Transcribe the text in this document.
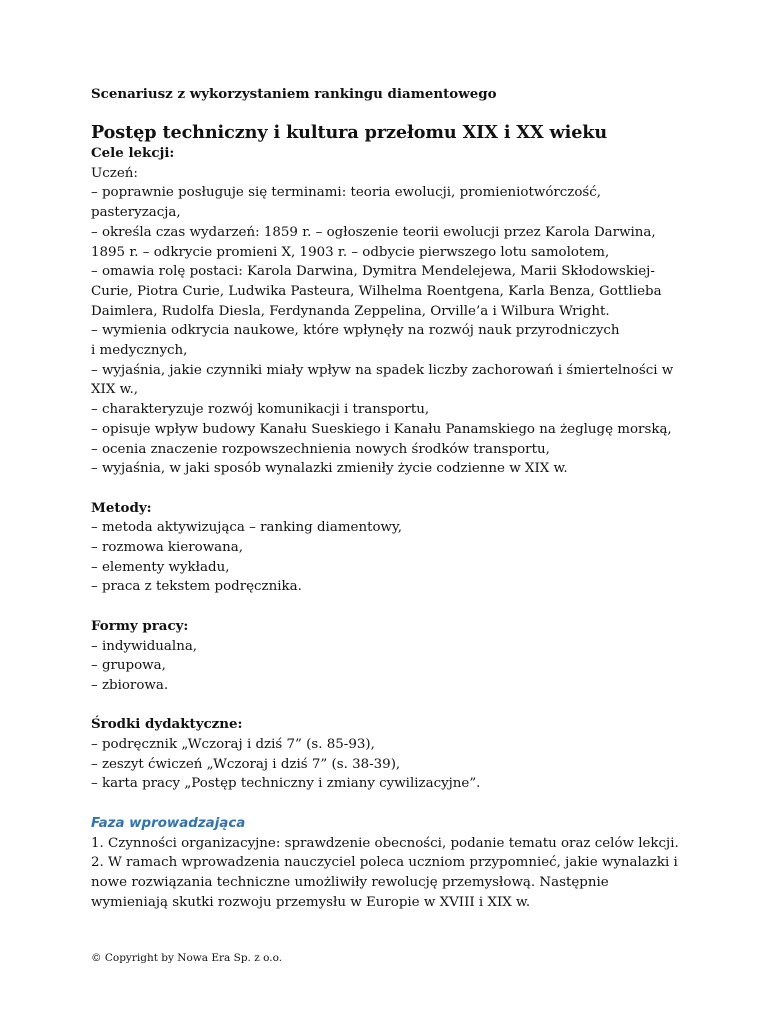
Scenariusz z wykorzystaniem rankingu diamentowego

Postęp techniczny i kultura przełomu XIX i XX wieku

Cele lekcji:

Uczeń:

– poprawnie posługuje się terminami: teoria ewolucji, promieniotwórczość,

pasteryzacja,

– określa czas wydarzeń: 1859 r. – ogłoszenie teorii ewolucji przez Karola Darwina,

1895 r. – odkrycie promieni X, 1903 r. – odbycie pierwszego lotu samolotem,

– omawia rolę postaci: Karola Darwina, Dymitra Mendelejewa, Marii Skłodowskiej-

Curie, Piotra Curie, Ludwika Pasteura, Wilhelma Roentgena, Karla Benza, Gottlieba

Daimlera, Rudolfa Diesla, Ferdynanda Zeppelina, Orville’a i Wilbura Wright.

– wymienia odkrycia naukowe, które wpłynęły na rozwój nauk przyrodniczych

i medycznych,

– wyjaśnia, jakie czynniki miały wpływ na spadek liczby zachorowań i śmiertelności w

XIX w.,

– charakteryzuje rozwój komunikacji i transportu,

– opisuje wpływ budowy Kanału Sueskiego i Kanału Panamskiego na żeglugę morską,

– ocenia znaczenie rozpowszechnienia nowych środków transportu,

– wyjaśnia, w jaki sposób wynalazki zmieniły życie codzienne w XIX w.

Metody:

– metoda aktywizująca – ranking diamentowy,

– rozmowa kierowana,

– elementy wykładu,

– praca z tekstem podręcznika.

Formy pracy:

– indywidualna,

– grupowa,

– zbiorowa.

Środki dydaktyczne:

– podręcznik „Wczoraj i dziś 7” (s. 85-93),

– zeszyt ćwiczeń „Wczoraj i dziś 7” (s. 38-39),

– karta pracy „Postęp techniczny i zmiany cywilizacyjne”.

Faza wprowadzająca

1. Czynności organizacyjne: sprawdzenie obecności, podanie tematu oraz celów lekcji.

2. W ramach wprowadzenia nauczyciel poleca uczniom przypomnieć, jakie wynalazki i

nowe rozwiązania techniczne umożliwiły rewolucję przemysłową. Następnie

wymieniają skutki rozwoju przemysłu w Europie w XVIII i XIX w.

© Copyright by Nowa Era Sp. z o.o.
